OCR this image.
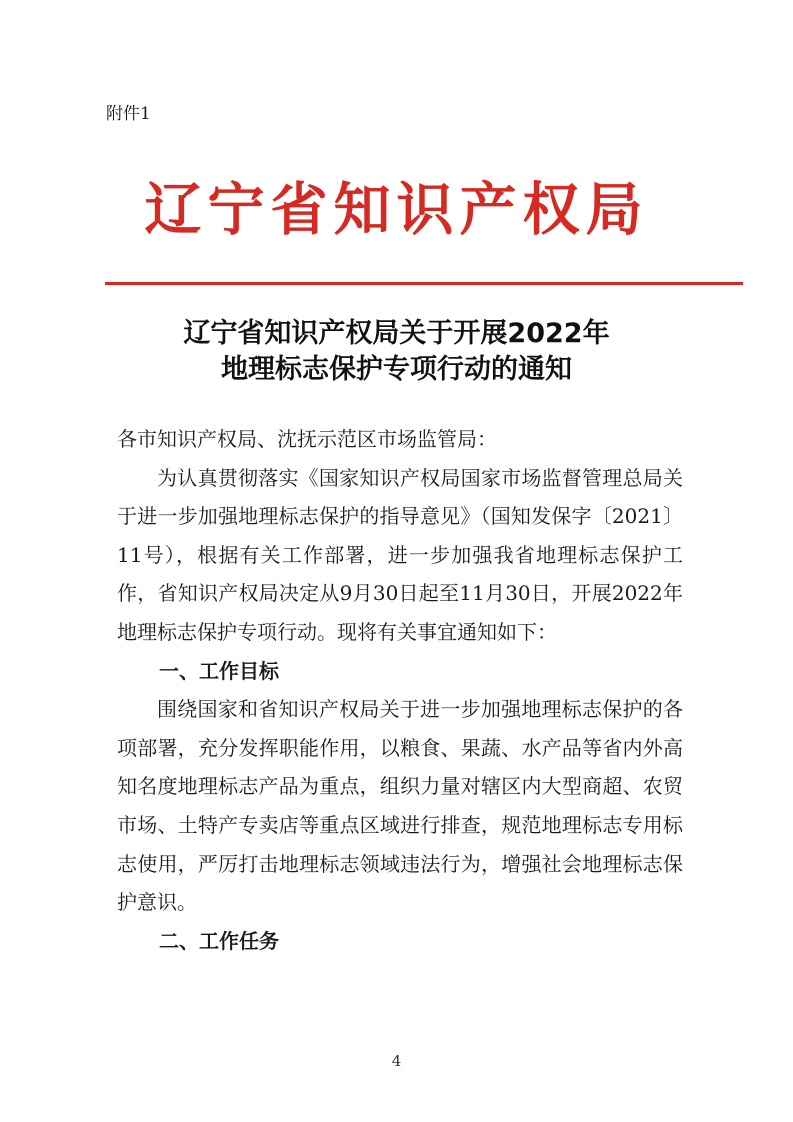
附件1
辽宁省知识产权局
辽宁省知识产权局关于开展2022年
地理标志保护专项行动的通知

各市知识产权局、沈抚示范区市场监管局：

为认真贯彻落实《国家知识产权局国家市场监督管理总局关于进一步加强地理标志保护的指导意见》（国知发保字〔2021〕11号），根据有关工作部署，进一步加强我省地理标志保护工作，省知识产权局决定从9月30日起至11月30日，开展2022年地理标志保护专项行动。现将有关事宜通知如下：

一、工作目标

围绕国家和省知识产权局关于进一步加强地理标志保护的各项部署，充分发挥职能作用，以粮食、果蔬、水产品等省内外高知名度地理标志产品为重点，组织力量对辖区内大型商超、农贸市场、土特产专卖店等重点区域进行排查，规范地理标志专用标志使用，严厉打击地理标志领域违法行为，增强社会地理标志保护意识。

二、工作任务
4
